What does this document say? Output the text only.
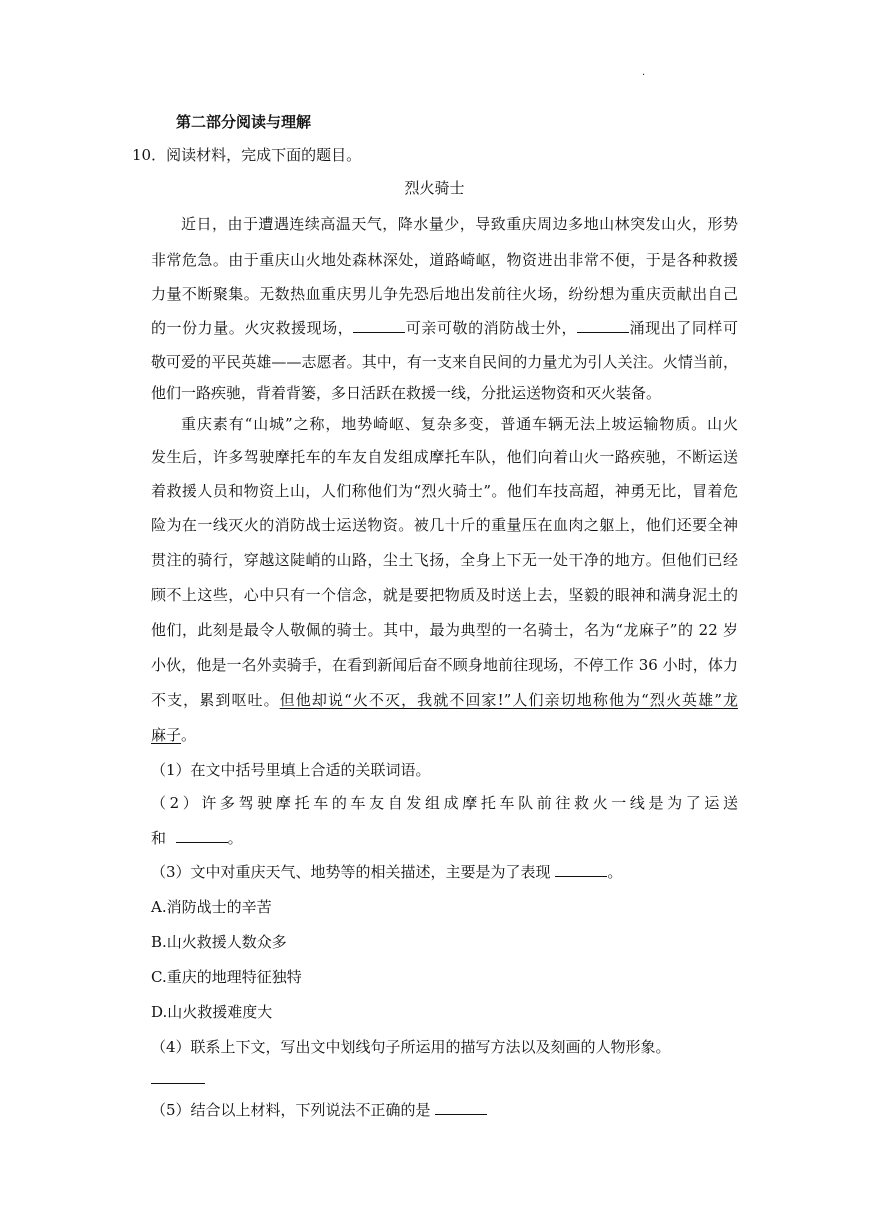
.
第二部分阅读与理解
10．阅读材料，完成下面的题目。
烈火骑士
近日，由于遭遇连续高温天气，降水量少，导致重庆周边多地山林突发山火，形势
非常危急。由于重庆山火地处森林深处，道路崎岖，物资进出非常不便，于是各种救援
力量不断聚集。无数热血重庆男儿争先恐后地出发前往火场，纷纷想为重庆贡献出自己
的一份力量。火灾救援现场，	可亲可敬的消防战士外，	涌现出了同样可
敬可爱的平民英雄——志愿者。其中，有一支来自民间的力量尤为引人关注。火情当前，
他们一路疾驰，背着背篓，多日活跃在救援一线，分批运送物资和灭火装备。
重庆素有“山城”之称，地势崎岖、复杂多变，普通车辆无法上坡运输物质。山火
发生后，许多驾驶摩托车的车友自发组成摩托车队，他们向着山火一路疾驰，不断运送
着救援人员和物资上山，人们称他们为“烈火骑士”。他们车技高超，神勇无比，冒着危
险为在一线灭火的消防战士运送物资。被几十斤的重量压在血肉之躯上，他们还要全神
贯注的骑行，穿越这陡峭的山路，尘土飞扬，全身上下无一处干净的地方。但他们已经
顾不上这些，心中只有一个信念，就是要把物质及时送上去，坚毅的眼神和满身泥土的
他们，此刻是最令人敬佩的骑士。其中，最为典型的一名骑士，名为“龙麻子”的 22 岁
小伙，他是一名外卖骑手，在看到新闻后奋不顾身地前往现场，不停工作 36 小时，体力
不支，累到呕吐。但他却说“火不灭，我就不回家!”人们亲切地称他为“烈火英雄”龙
麻子。
（1）在文中括号里填上合适的关联词语。
（2）许多驾驶摩托车的车友自发组成摩托车队前往救火一线是为了运送
和	。
（3）文中对重庆天气、地势等的相关描述，主要是为了表现	。
A.消防战士的辛苦
B.山火救援人数众多
C.重庆的地理特征独特
D.山火救援难度大
（4）联系上下文，写出文中划线句子所运用的描写方法以及刻画的人物形象。
（5）结合以上材料，下列说法不正确的是
